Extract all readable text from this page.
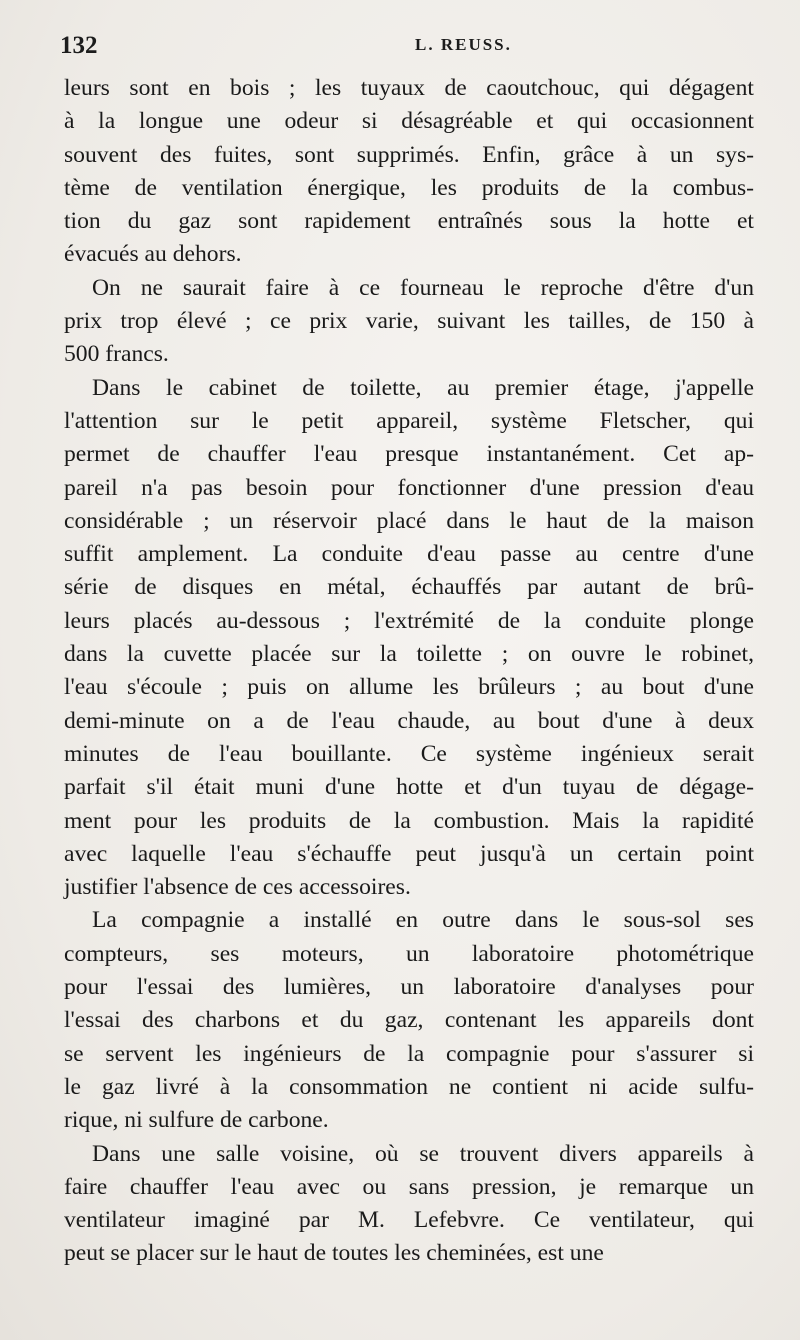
132	L. REUSS.
leurs sont en bois ; les tuyaux de caoutchouc, qui dégagent
à la longue une odeur si désagréable et qui occasionnent
souvent des fuites, sont supprimés. Enfin, grâce à un sys-
tème de ventilation énergique, les produits de la combus-
tion du gaz sont rapidement entraînés sous la hotte et
évacués au dehors.
On ne saurait faire à ce fourneau le reproche d'être d'un
prix trop élevé ; ce prix varie, suivant les tailles, de 150 à
500 francs.
Dans le cabinet de toilette, au premier étage, j'appelle
l'attention sur le petit appareil, système Fletscher, qui
permet de chauffer l'eau presque instantanément. Cet ap-
pareil n'a pas besoin pour fonctionner d'une pression d'eau
considérable ; un réservoir placé dans le haut de la maison
suffit amplement. La conduite d'eau passe au centre d'une
série de disques en métal, échauffés par autant de brû-
leurs placés au-dessous ; l'extrémité de la conduite plonge
dans la cuvette placée sur la toilette ; on ouvre le robinet,
l'eau s'écoule ; puis on allume les brûleurs ; au bout d'une
demi-minute on a de l'eau chaude, au bout d'une à deux
minutes de l'eau bouillante. Ce système ingénieux serait
parfait s'il était muni d'une hotte et d'un tuyau de dégage-
ment pour les produits de la combustion. Mais la rapidité
avec laquelle l'eau s'échauffe peut jusqu'à un certain point
justifier l'absence de ces accessoires.
La compagnie a installé en outre dans le sous-sol ses
compteurs, ses moteurs, un laboratoire photométrique
pour l'essai des lumières, un laboratoire d'analyses pour
l'essai des charbons et du gaz, contenant les appareils dont
se servent les ingénieurs de la compagnie pour s'assurer si
le gaz livré à la consommation ne contient ni acide sulfu-
rique, ni sulfure de carbone.
Dans une salle voisine, où se trouvent divers appareils à
faire chauffer l'eau avec ou sans pression, je remarque un
ventilateur imaginé par M. Lefebvre. Ce ventilateur, qui
peut se placer sur le haut de toutes les cheminées, est une
